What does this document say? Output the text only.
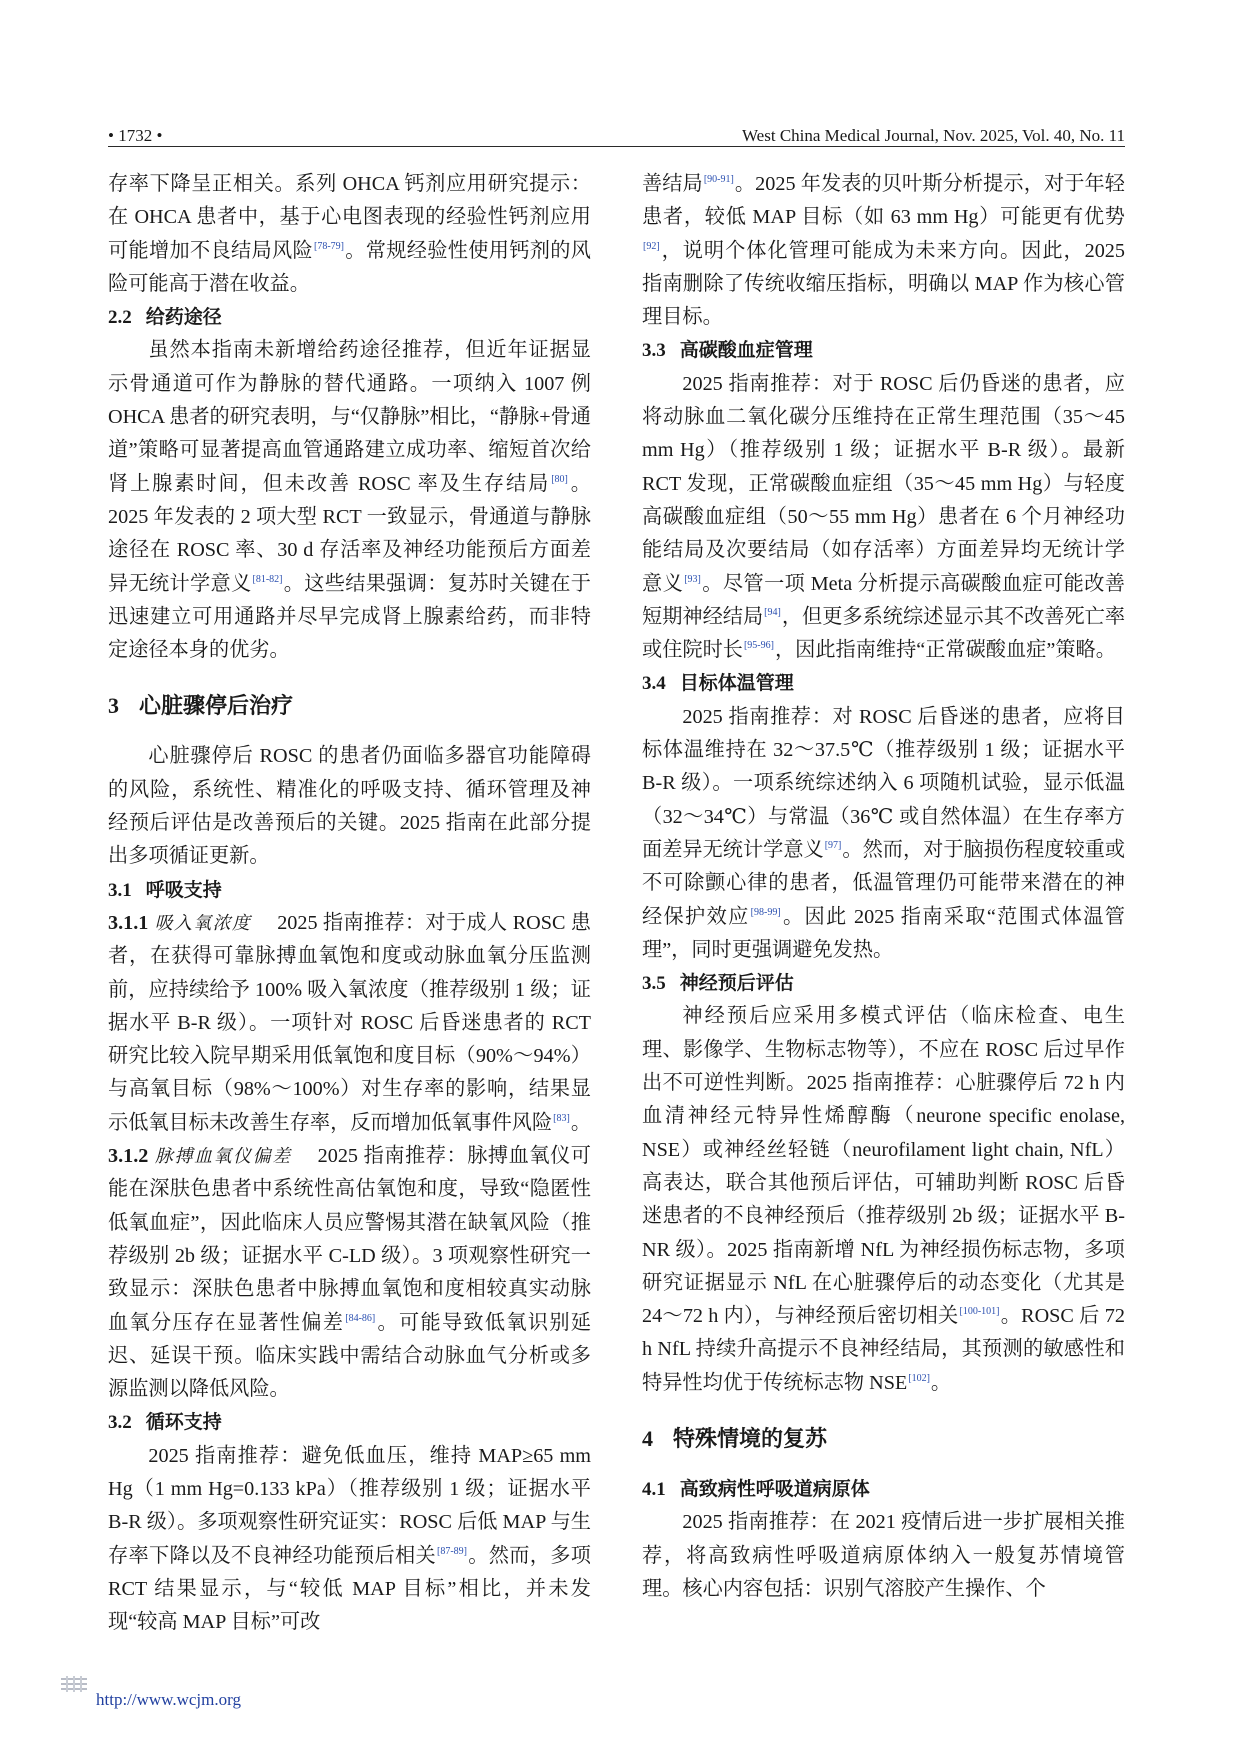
• 1732 •	West China Medical Journal, Nov. 2025, Vol. 40, No. 11

存率下降呈正相关。系列 OHCA 钙剂应用研究提示：在 OHCA 患者中，基于心电图表现的经验性钙剂应用可能增加不良结局风险[78-79]。常规经验性使用钙剂的风险可能高于潜在收益。

2.2 给药途径

虽然本指南未新增给药途径推荐，但近年证据显示骨通道可作为静脉的替代通路。一项纳入 1007 例 OHCA 患者的研究表明，与“仅静脉”相比，“静脉+骨通道”策略可显著提高血管通路建立成功率、缩短首次给肾上腺素时间，但未改善 ROSC 率及生存结局[80]。2025 年发表的 2 项大型 RCT 一致显示，骨通道与静脉途径在 ROSC 率、30 d 存活率及神经功能预后方面差异无统计学意义[81-82]。这些结果强调：复苏时关键在于迅速建立可用通路并尽早完成肾上腺素给药，而非特定途径本身的优劣。

3 心脏骤停后治疗

心脏骤停后 ROSC 的患者仍面临多器官功能障碍的风险，系统性、精准化的呼吸支持、循环管理及神经预后评估是改善预后的关键。2025 指南在此部分提出多项循证更新。

3.1 呼吸支持

3.1.1 吸入氧浓度 2025 指南推荐：对于成人 ROSC 患者，在获得可靠脉搏血氧饱和度或动脉血氧分压监测前，应持续给予 100% 吸入氧浓度（推荐级别 1 级；证据水平 B-R 级）。一项针对 ROSC 后昏迷患者的 RCT 研究比较入院早期采用低氧饱和度目标（90%～94%）与高氧目标（98%～100%）对生存率的影响，结果显示低氧目标未改善生存率，反而增加低氧事件风险[83]。

3.1.2 脉搏血氧仪偏差 2025 指南推荐：脉搏血氧仪可能在深肤色患者中系统性高估氧饱和度，导致“隐匿性低氧血症”，因此临床人员应警惕其潜在缺氧风险（推荐级别 2b 级；证据水平 C-LD 级）。3 项观察性研究一致显示：深肤色患者中脉搏血氧饱和度相较真实动脉血氧分压存在显著性偏差[84-86]。可能导致低氧识别延迟、延误干预。临床实践中需结合动脉血气分析或多源监测以降低风险。

3.2 循环支持

2025 指南推荐：避免低血压，维持 MAP≥65 mm Hg（1 mm Hg=0.133 kPa）（推荐级别 1 级；证据水平 B-R 级）。多项观察性研究证实：ROSC 后低 MAP 与生存率下降以及不良神经功能预后相关[87-89]。然而，多项 RCT 结果显示，与“较低 MAP 目标”相比，并未发现“较高 MAP 目标”可改

善结局[90-91]。2025 年发表的贝叶斯分析提示，对于年轻患者，较低 MAP 目标（如 63 mm Hg）可能更有优势[92]，说明个体化管理可能成为未来方向。因此，2025 指南删除了传统收缩压指标，明确以 MAP 作为核心管理目标。

3.3 高碳酸血症管理

2025 指南推荐：对于 ROSC 后仍昏迷的患者，应将动脉血二氧化碳分压维持在正常生理范围（35～45 mm Hg）（推荐级别 1 级；证据水平 B-R 级）。最新 RCT 发现，正常碳酸血症组（35～45 mm Hg）与轻度高碳酸血症组（50～55 mm Hg）患者在 6 个月神经功能结局及次要结局（如存活率）方面差异均无统计学意义[93]。尽管一项 Meta 分析提示高碳酸血症可能改善短期神经结局[94]，但更多系统综述显示其不改善死亡率或住院时长[95-96]，因此指南维持“正常碳酸血症”策略。

3.4 目标体温管理

2025 指南推荐：对 ROSC 后昏迷的患者，应将目标体温维持在 32～37.5℃（推荐级别 1 级；证据水平 B-R 级）。一项系统综述纳入 6 项随机试验，显示低温（32～34℃）与常温（36℃ 或自然体温）在生存率方面差异无统计学意义[97]。然而，对于脑损伤程度较重或不可除颤心律的患者，低温管理仍可能带来潜在的神经保护效应[98-99]。因此 2025 指南采取“范围式体温管理”，同时更强调避免发热。

3.5 神经预后评估

神经预后应采用多模式评估（临床检查、电生理、影像学、生物标志物等），不应在 ROSC 后过早作出不可逆性判断。2025 指南推荐：心脏骤停后 72 h 内血清神经元特异性烯醇酶（neurone specific enolase, NSE）或神经丝轻链（neurofilament light chain, NfL）高表达，联合其他预后评估，可辅助判断 ROSC 后昏迷患者的不良神经预后（推荐级别 2b 级；证据水平 B-NR 级）。2025 指南新增 NfL 为神经损伤标志物，多项研究证据显示 NfL 在心脏骤停后的动态变化（尤其是 24～72 h 内），与神经预后密切相关[100-101]。ROSC 后 72 h NfL 持续升高提示不良神经结局，其预测的敏感性和特异性均优于传统标志物 NSE[102]。

4 特殊情境的复苏
4.1 高致病性呼吸道病原体

2025 指南推荐：在 2021 疫情后进一步扩展相关推荐，将高致病性呼吸道病原体纳入一般复苏情境管理。核心内容包括：识别气溶胶产生操作、个

http://www.wcjm.org
